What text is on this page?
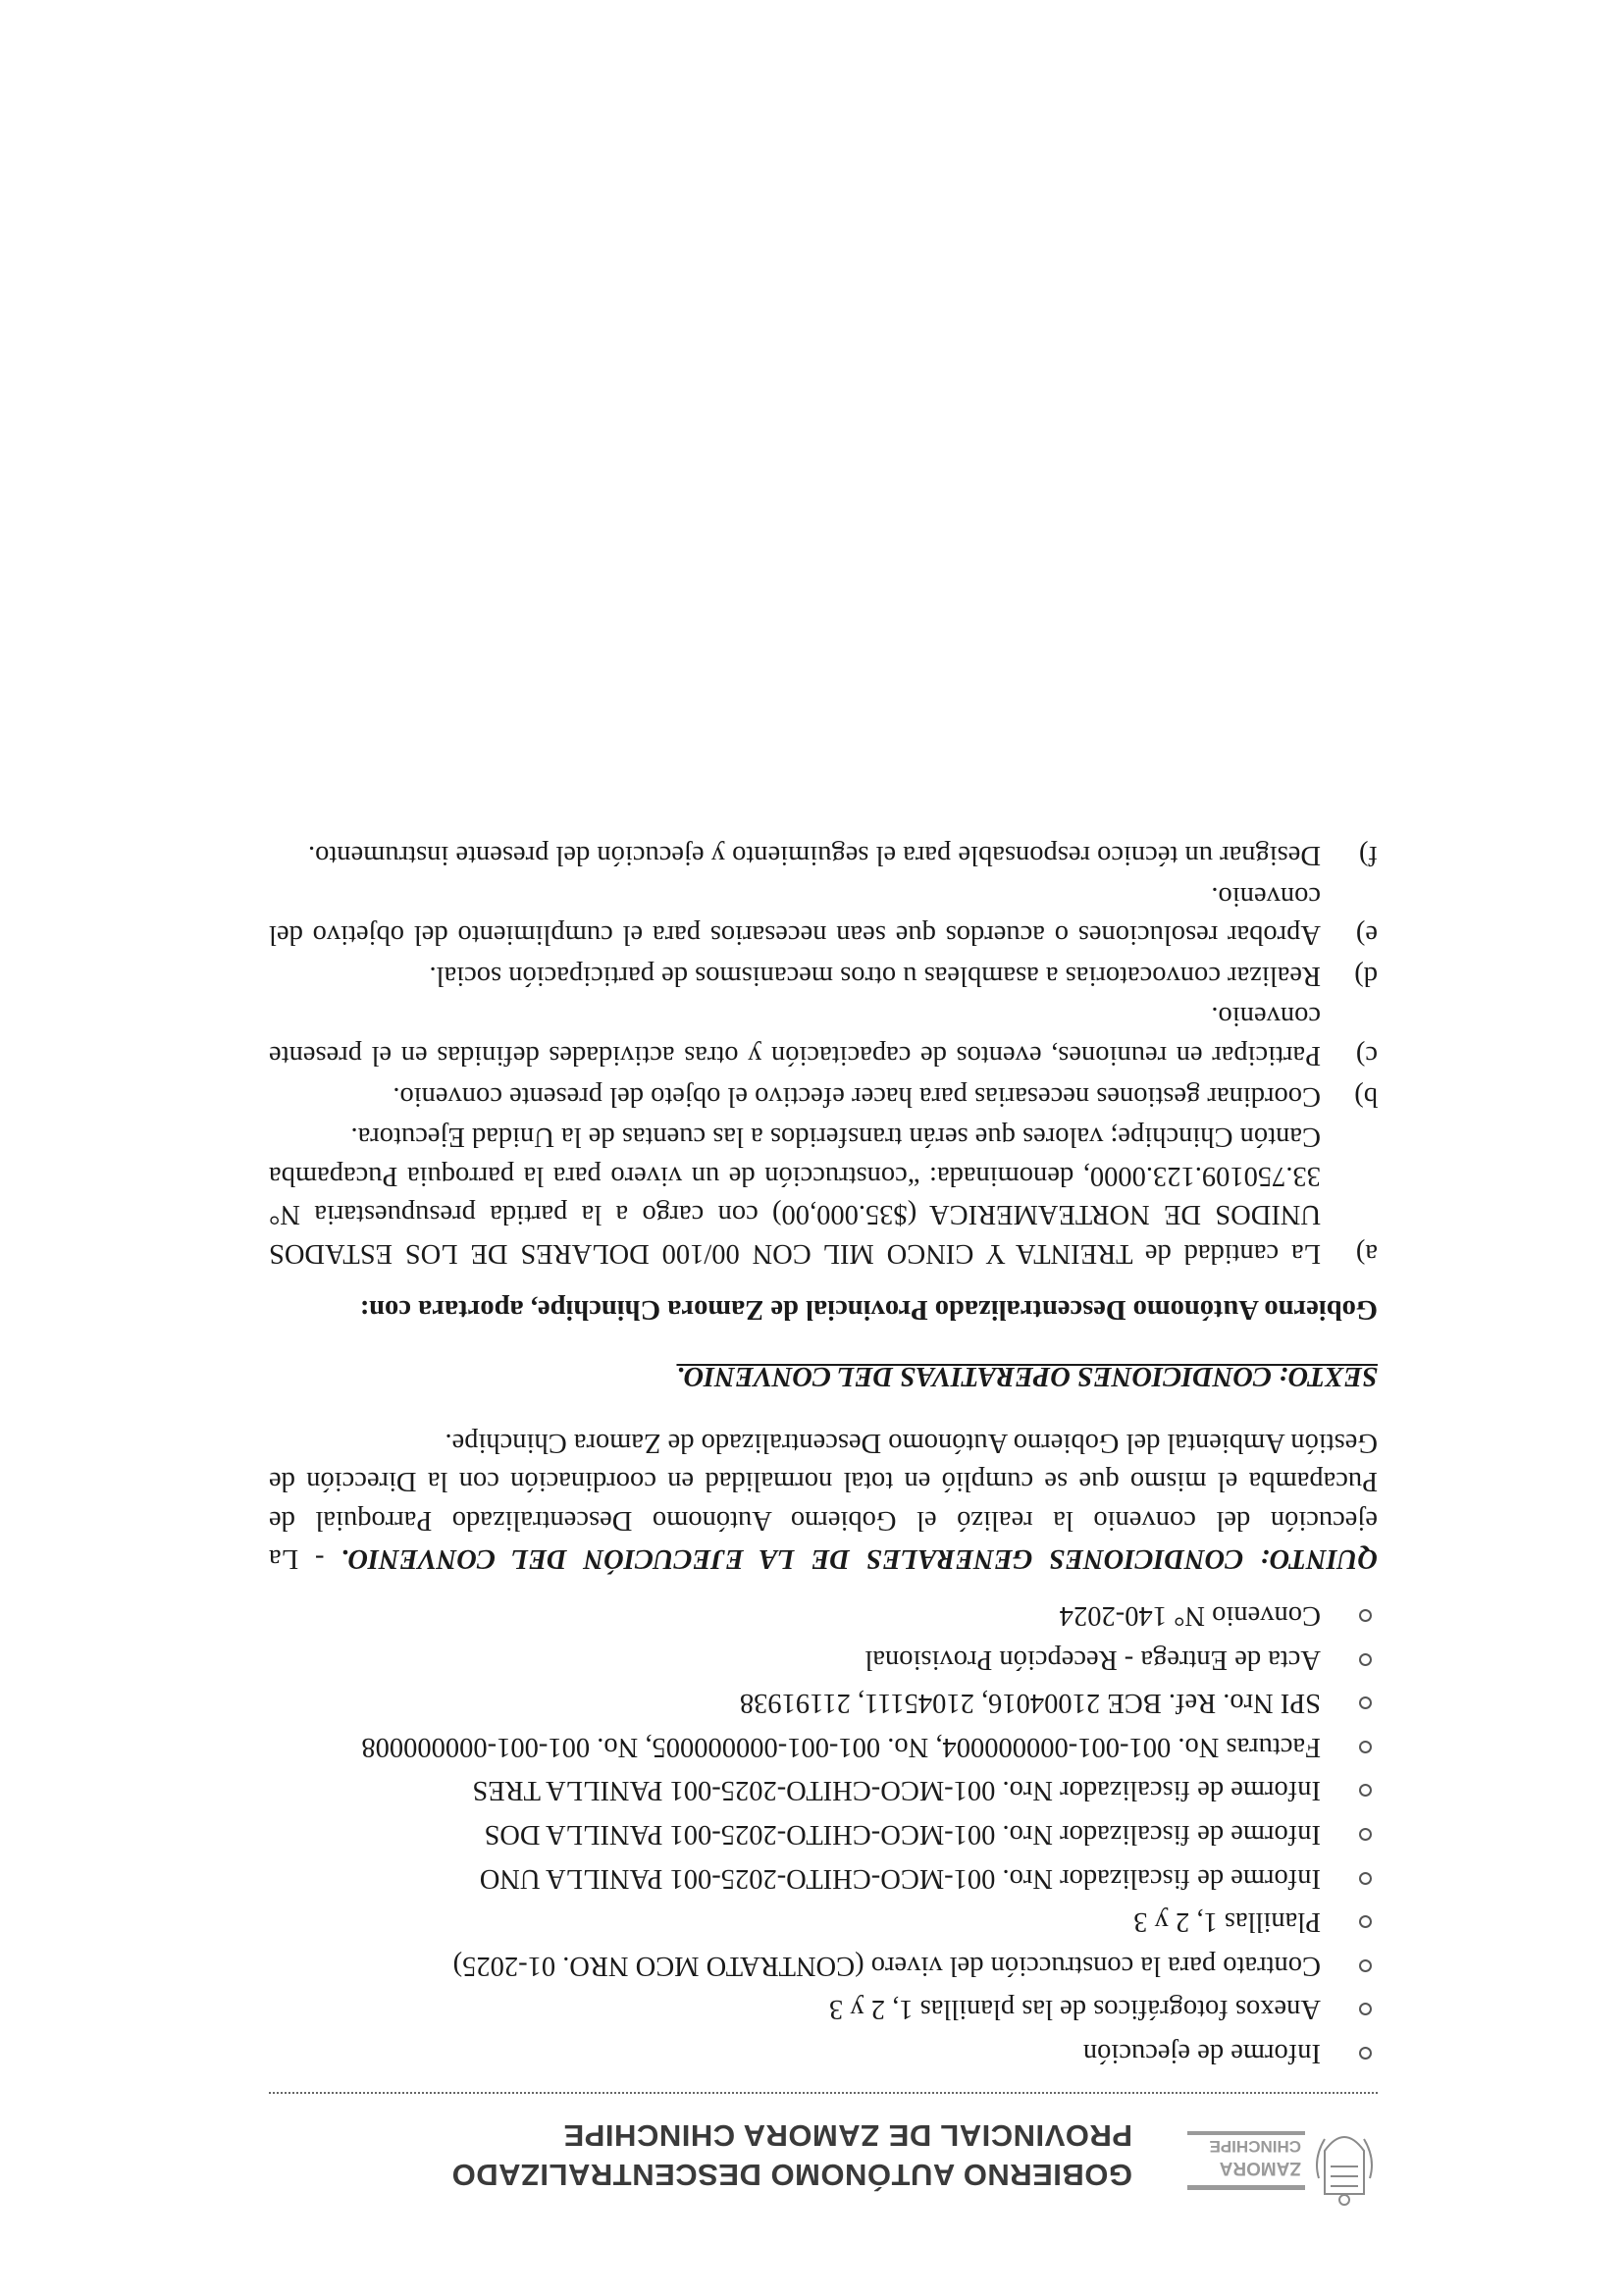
ZAMORA
CHINCHIPE
GOBIERNO AUTÓNOMO DESCENTRALIZADO
PROVINCIAL DE ZAMORA CHINCHIPE
Informe de ejecución
Anexos fotográficos de las planillas 1, 2 y 3
Contrato para la construcción del vivero (CONTRATO MCO NRO. 01-2025)
Planillas 1, 2 y 3
Informe de fiscalizador Nro. 001-MCO-CHITO-2025-001 PANILLA UNO
Informe de fiscalizador Nro. 001-MCO-CHITO-2025-001 PANILLA DOS
Informe de fiscalizador Nro. 001-MCO-CHITO-2025-001 PANILLA TRES
Facturas No. 001-001-000000004, No. 001-001-000000005, No. 001-001-000000008
SPI Nro. Ref. BCE 21004016, 21045111, 21191938
Acta de Entrega - Recepción Provisional
Convenio N° 140-2024

QUINTO: CONDICIONES GENERALES DE LA EJECUCIÓN DEL CONVENIO. - La ejecución del convenio la realizó el Gobierno Autónomo Descentralizado Parroquial de Pucapamba el mismo que se cumplió en total normalidad en coordinación con la Dirección de Gestión Ambiental del Gobierno Autónomo Descentralizado de Zamora Chinchipe.

SEXTO: CONDICIONES OPERATIVAS DEL CONVENIO.

Gobierno Autónomo Descentralizado Provincial de Zamora Chinchipe, aportara con:

a)
La cantidad de TREINTA Y CINCO MIL CON 00/100 DOLARES DE LOS ESTADOS UNIDOS DE NORTEAMERICA ($35.000,00) con cargo a la partida presupuestaria N° 33.750109.123.0000, denominada: “construcción de un vivero para la parroquia Pucapamba Cantón Chinchipe; valores que serán transferidos a las cuentas de la Unidad Ejecutora.
b)
Coordinar gestiones necesarias para hacer efectivo el objeto del presente convenio.
c)
Participar en reuniones, eventos de capacitación y otras actividades definidas en el presente convenio.
d)
Realizar convocatorias a asambleas u otros mecanismos de participación social.
e)
Aprobar resoluciones o acuerdos que sean necesarios para el cumplimiento del objetivo del convenio.
f)
Designar un técnico responsable para el seguimiento y ejecución del presente instrumento.
